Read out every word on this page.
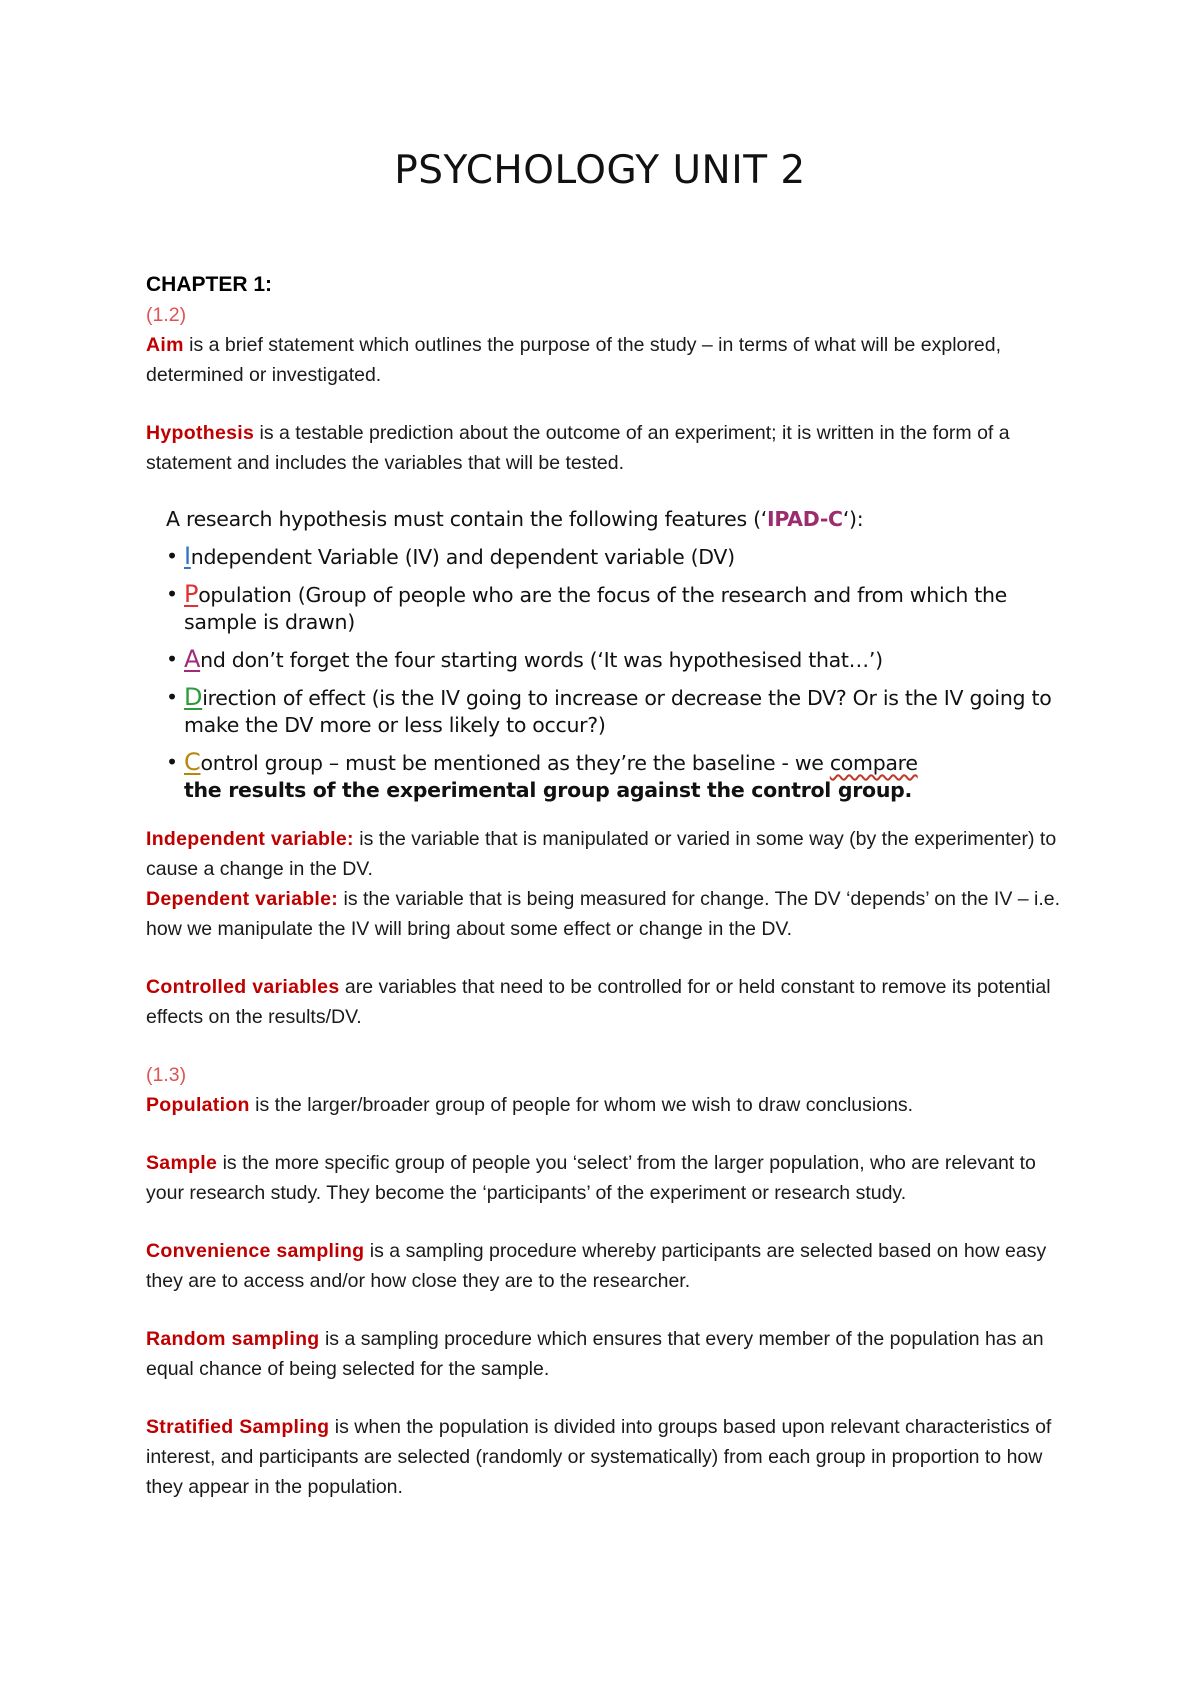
PSYCHOLOGY UNIT 2
CHAPTER 1:
(1.2)

Aim is a brief statement which outlines the purpose of the study – in terms of what will be explored, determined or investigated.

Hypothesis is a testable prediction about the outcome of an experiment; it is written in the form of a statement and includes the variables that will be tested.

A research hypothesis must contain the following features (‘IPAD-C‘):
• Independent Variable (IV) and dependent variable (DV)
• Population (Group of people who are the focus of the research and from which the sample is drawn)
• And don’t forget the four starting words (‘It was hypothesised that…’)
• Direction of effect (is the IV going to increase or decrease the DV? Or is the IV going to make the DV more or less likely to occur?)
• Control group – must be mentioned as they’re the baseline - we compare
the results of the experimental group against the control group.

Independent variable: is the variable that is manipulated or varied in some way (by the experimenter) to cause a change in the DV.

Dependent variable: is the variable that is being measured for change. The DV ‘depends’ on the IV – i.e. how we manipulate the IV will bring about some effect or change in the DV.

Controlled variables are variables that need to be controlled for or held constant to remove its potential effects on the results/DV.

(1.3)

Population is the larger/broader group of people for whom we wish to draw conclusions.

Sample is the more specific group of people you ‘select’ from the larger population, who are relevant to your research study. They become the ‘participants’ of the experiment or research study.

Convenience sampling is a sampling procedure whereby participants are selected based on how easy they are to access and/or how close they are to the researcher.

Random sampling is a sampling procedure which ensures that every member of the population has an equal chance of being selected for the sample.

Stratified Sampling is when the population is divided into groups based upon relevant characteristics of interest, and participants are selected (randomly or systematically) from each group in proportion to how they appear in the population.
